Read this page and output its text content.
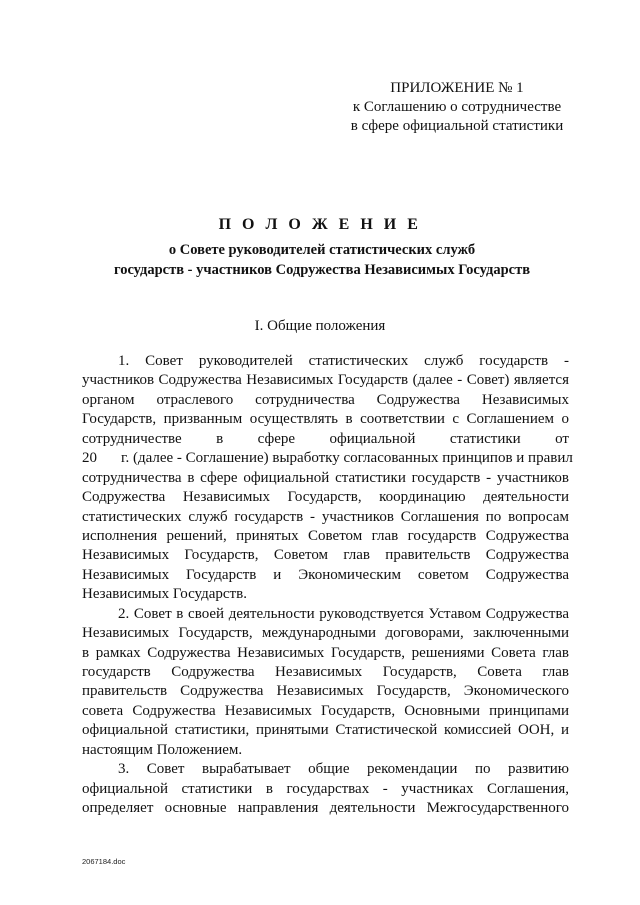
ПРИЛОЖЕНИЕ № 1
к Соглашению о сотрудничестве
в сфере официальной статистики
П О Л О Ж Е Н И Е
о Совете руководителей статистических служб
государств - участников Содружества Независимых Государств
I. Общие положения
1. Совет руководителей статистических служб государств -
участников Содружества Независимых Государств (далее - Совет) является
органом отраслевого сотрудничества Содружества Независимых
Государств, призванным осуществлять в соответствии с Соглашением о
сотрудничестве в сфере официальной статистики от
20 г. (далее - Соглашение) выработку согласованных принципов и правил
сотрудничества в сфере официальной статистики государств - участников
Содружества Независимых Государств, координацию деятельности
статистических служб государств - участников Соглашения по вопросам
исполнения решений, принятых Советом глав государств Содружества
Независимых Государств, Советом глав правительств Содружества
Независимых Государств и Экономическим советом Содружества
Независимых Государств.
2. Совет в своей деятельности руководствуется Уставом Содружества
Независимых Государств, международными договорами, заключенными
в рамках Содружества Независимых Государств, решениями Совета глав
государств Содружества Независимых Государств, Совета глав
правительств Содружества Независимых Государств, Экономического
совета Содружества Независимых Государств, Основными принципами
официальной статистики, принятыми Статистической комиссией ООН, и
настоящим Положением.
3. Совет вырабатывает общие рекомендации по развитию
официальной статистики в государствах - участниках Соглашения,
определяет основные направления деятельности Межгосударственного
2067184.doc
